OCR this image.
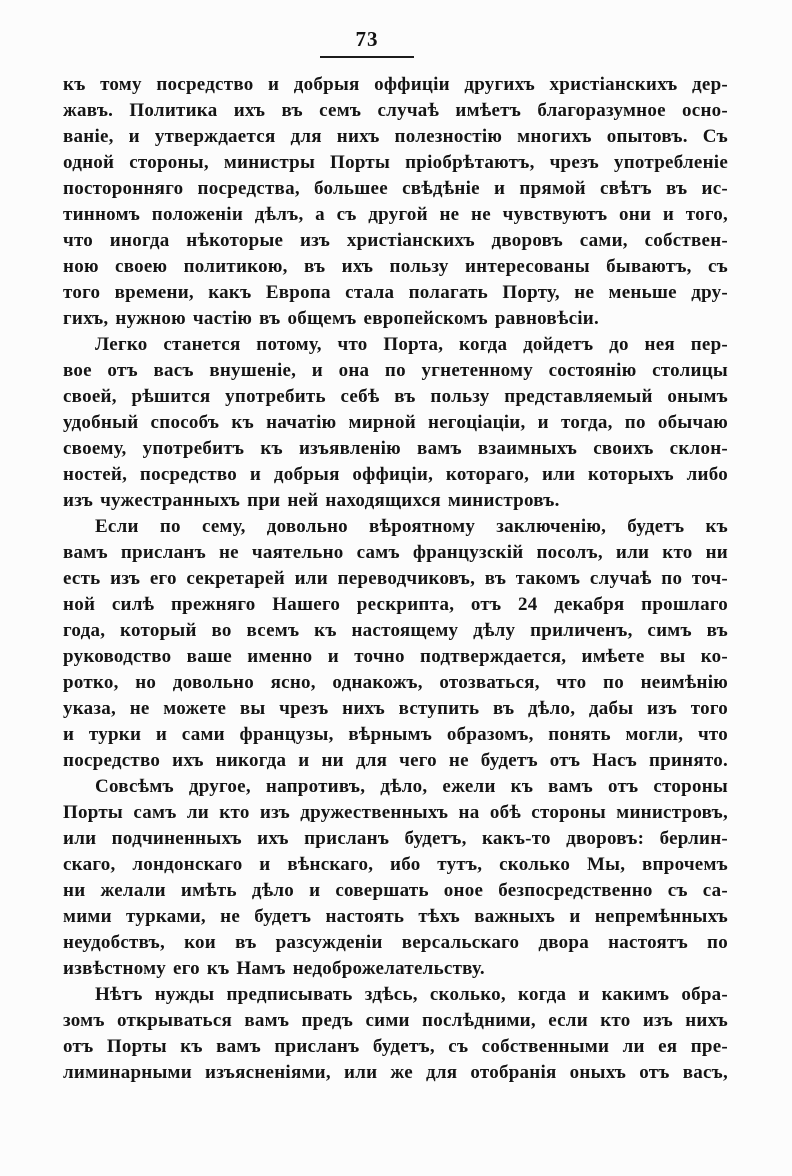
73
къ тому посредство и добрыя оффиціи другихъ христіанскихъ дер-
жавъ. Политика ихъ въ семъ случаѣ имѣетъ благоразумное осно-
ваніе, и утверждается для нихъ полезностію многихъ опытовъ. Съ
одной стороны, министры Порты пріобрѣтаютъ, чрезъ употребленіе
посторонняго посредства, большее свѣдѣніе и прямой свѣтъ въ ис-
тинномъ положеніи дѣлъ, а съ другой не не чувствуютъ они и того,
что иногда нѣкоторые изъ христіанскихъ дворовъ сами, собствен-
ною своею политикою, въ ихъ пользу интересованы бываютъ, съ
того времени, какъ Европа стала полагать Порту, не меньше дру-
гихъ, нужною частію въ общемъ европейскомъ равновѣсіи.
Легко станется потому, что Порта, когда дойдетъ до нея пер-
вое отъ васъ внушеніе, и она по угнетенному состоянію столицы
своей, рѣшится употребить себѣ въ пользу представляемый онымъ
удобный способъ къ начатію мирной негоціаціи, и тогда, по обычаю
своему, употребитъ къ изъявленію вамъ взаимныхъ своихъ склон-
ностей, посредство и добрыя оффиціи, котораго, или которыхъ либо
изъ чужестранныхъ при ней находящихся министровъ.
Если по сему, довольно вѣроятному заключенію, будетъ къ
вамъ присланъ не чаятельно самъ французскій посолъ, или кто ни
есть изъ его секретарей или переводчиковъ, въ такомъ случаѣ по точ-
ной силѣ прежняго Нашего рескрипта, отъ 24 декабря прошлаго
года, который во всемъ къ настоящему дѣлу приличенъ, симъ въ
руководство ваше именно и точно подтверждается, имѣете вы ко-
ротко, но довольно ясно, однакожъ, отозваться, что по неимѣнію
указа, не можете вы чрезъ нихъ вступить въ дѣло, дабы изъ того
и турки и сами французы, вѣрнымъ образомъ, понять могли, что
посредство ихъ никогда и ни для чего не будетъ отъ Насъ принято.
Совсѣмъ другое, напротивъ, дѣло, ежели къ вамъ отъ стороны
Порты самъ ли кто изъ дружественныхъ на обѣ стороны министровъ,
или подчиненныхъ ихъ присланъ будетъ, какъ-то дворовъ: берлин-
скаго, лондонскаго и вѣнскаго, ибо тутъ, сколько Мы, впрочемъ
ни желали имѣть дѣло и совершать оное безпосредственно съ са-
мими турками, не будетъ настоять тѣхъ важныхъ и непремѣнныхъ
неудобствъ, кои въ разсужденіи версальскаго двора настоятъ по
извѣстному его къ Намъ недоброжелательству.
Нѣтъ нужды предписывать здѣсь, сколько, когда и какимъ обра-
зомъ открываться вамъ предъ сими послѣдними, если кто изъ нихъ
отъ Порты къ вамъ присланъ будетъ, съ собственными ли ея пре-
лиминарными изъясненіями, или же для отобранія оныхъ отъ васъ,
